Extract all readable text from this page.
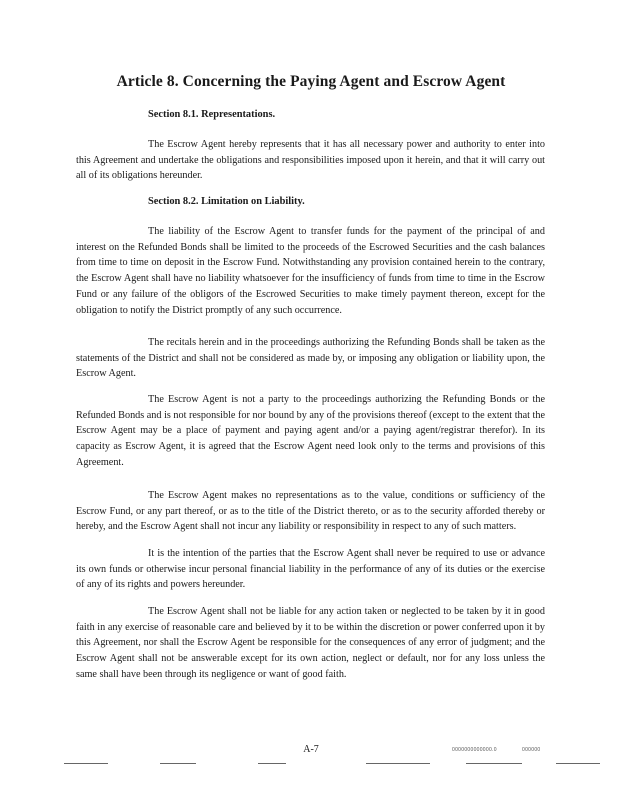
Article 8. Concerning the Paying Agent and Escrow Agent
Section 8.1. Representations.

The Escrow Agent hereby represents that it has all necessary power and authority to enter into this Agreement and undertake the obligations and responsibilities imposed upon it herein, and that it will carry out all of its obligations hereunder.

Section 8.2. Limitation on Liability.

The liability of the Escrow Agent to transfer funds for the payment of the principal of and interest on the Refunded Bonds shall be limited to the proceeds of the Escrowed Securities and the cash balances from time to time on deposit in the Escrow Fund. Notwithstanding any provision contained herein to the contrary, the Escrow Agent shall have no liability whatsoever for the insufficiency of funds from time to time in the Escrow Fund or any failure of the obligors of the Escrowed Securities to make timely payment thereon, except for the obligation to notify the District promptly of any such occurrence.

The recitals herein and in the proceedings authorizing the Refunding Bonds shall be taken as the statements of the District and shall not be considered as made by, or imposing any obligation or liability upon, the Escrow Agent.

The Escrow Agent is not a party to the proceedings authorizing the Refunding Bonds or the Refunded Bonds and is not responsible for nor bound by any of the provisions thereof (except to the extent that the Escrow Agent may be a place of payment and paying agent and/or a paying agent/registrar therefor). In its capacity as Escrow Agent, it is agreed that the Escrow Agent need look only to the terms and provisions of this Agreement.

The Escrow Agent makes no representations as to the value, conditions or sufficiency of the Escrow Fund, or any part thereof, or as to the title of the District thereto, or as to the security afforded thereby or hereby, and the Escrow Agent shall not incur any liability or responsibility in respect to any of such matters.

It is the intention of the parties that the Escrow Agent shall never be required to use or advance its own funds or otherwise incur personal financial liability in the performance of any of its duties or the exercise of any of its rights and powers hereunder.

The Escrow Agent shall not be liable for any action taken or neglected to be taken by it in good faith in any exercise of reasonable care and believed by it to be within the discretion or power conferred upon it by this Agreement, nor shall the Escrow Agent be responsible for the consequences of any error of judgment; and the Escrow Agent shall not be answerable except for its own action, neglect or default, nor for any loss unless the same shall have been through its negligence or want of good faith.

A-7	0000000000000.0	000000
